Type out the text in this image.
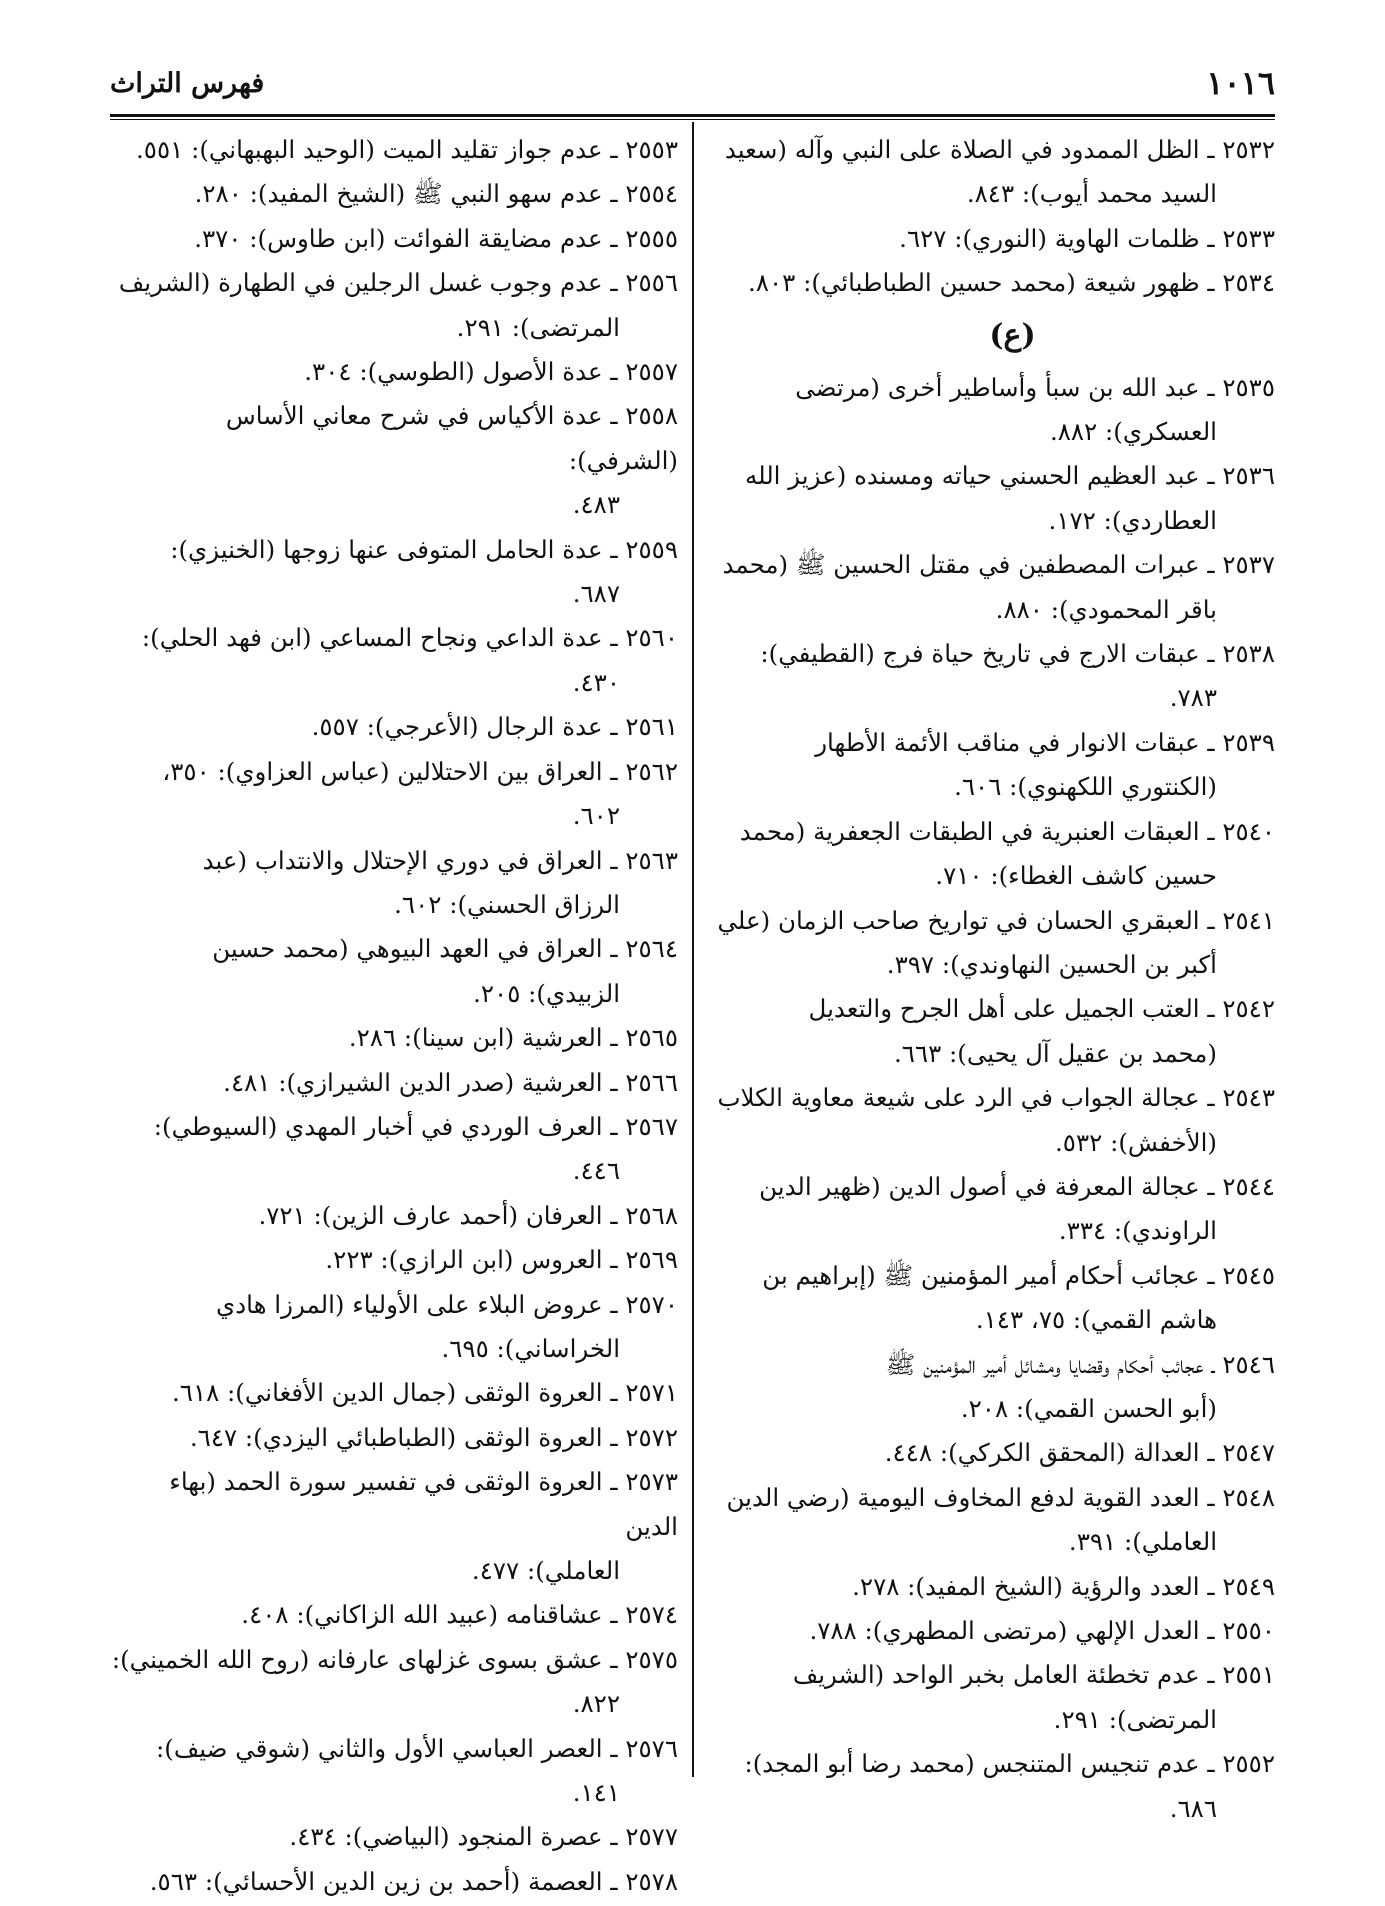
١٠١٦
فهرس التراث
٢٥٣٢ ـ الظل الممدود في الصلاة على النبي وآله (سعيد
السيد محمد أيوب): ٨٤٣.
٢٥٣٣ ـ ظلمات الهاوية (النوري): ٦٢٧.
٢٥٣٤ ـ ظهور شيعة (محمد حسين الطباطبائي): ٨٠٣.
(ع)
٢٥٣٥ ـ عبد الله بن سبأ وأساطير أخرى (مرتضى
العسكري): ٨٨٢.
٢٥٣٦ ـ عبد العظيم الحسني حياته ومسنده (عزيز الله
العطاردي): ١٧٢.
٢٥٣٧ ـ عبرات المصطفين في مقتل الحسين ﷺ (محمد
باقر المحمودي): ٨٨٠.
٢٥٣٨ ـ عبقات الارج في تاريخ حياة فرج (القطيفي):
٧٨٣.
٢٥٣٩ ـ عبقات الانوار في مناقب الأئمة الأطهار
(الكنتوري اللكهنوي): ٦٠٦.
٢٥٤٠ ـ العبقات العنبرية في الطبقات الجعفرية (محمد
حسين كاشف الغطاء): ٧١٠.
٢٥٤١ ـ العبقري الحسان في تواريخ صاحب الزمان (علي
أكبر بن الحسين النهاوندي): ٣٩٧.
٢٥٤٢ ـ العتب الجميل على أهل الجرح والتعديل
(محمد بن عقيل آل يحيى): ٦٦٣.
٢٥٤٣ ـ عجالة الجواب في الرد على شيعة معاوية الكلاب
(الأخفش): ٥٣٢.
٢٥٤٤ ـ عجالة المعرفة في أصول الدين (ظهير الدين
الراوندي): ٣٣٤.
٢٥٤٥ ـ عجائب أحكام أمير المؤمنين ﷺ (إبراهيم بن
هاشم القمي): ٧٥، ١٤٣.
٢٥٤٦ ـ عجائب أحكام وقضايا ومشائل أمير المؤمنين ﷺ
(أبو الحسن القمي): ٢٠٨.
٢٥٤٧ ـ العدالة (المحقق الكركي): ٤٤٨.
٢٥٤٨ ـ العدد القوية لدفع المخاوف اليومية (رضي الدين
العاملي): ٣٩١.
٢٥٤٩ ـ العدد والرؤية (الشيخ المفيد): ٢٧٨.
٢٥٥٠ ـ العدل الإلهي (مرتضى المطهري): ٧٨٨.
٢٥٥١ ـ عدم تخطئة العامل بخبر الواحد (الشريف
المرتضى): ٢٩١.
٢٥٥٢ ـ عدم تنجيس المتنجس (محمد رضا أبو المجد):
٦٨٦.
٢٥٥٣ ـ عدم جواز تقليد الميت (الوحيد البهبهاني): ٥٥١.
٢٥٥٤ ـ عدم سهو النبي ﷺ (الشيخ المفيد): ٢٨٠.
٢٥٥٥ ـ عدم مضايقة الفوائت (ابن طاوس): ٣٧٠.
٢٥٥٦ ـ عدم وجوب غسل الرجلين في الطهارة (الشريف
المرتضى): ٢٩١.
٢٥٥٧ ـ عدة الأصول (الطوسي): ٣٠٤.
٢٥٥٨ ـ عدة الأكياس في شرح معاني الأساس (الشرفي):
٤٨٣.
٢٥٥٩ ـ عدة الحامل المتوفى عنها زوجها (الخنيزي):
٦٨٧.
٢٥٦٠ ـ عدة الداعي ونجاح المساعي (ابن فهد الحلي):
٤٣٠.
٢٥٦١ ـ عدة الرجال (الأعرجي): ٥٥٧.
٢٥٦٢ ـ العراق بين الاحتلالين (عباس العزاوي): ٣٥٠،
٦٠٢.
٢٥٦٣ ـ العراق في دوري الإحتلال والانتداب (عبد
الرزاق الحسني): ٦٠٢.
٢٥٦٤ ـ العراق في العهد البيوهي (محمد حسين
الزبيدي): ٢٠٥.
٢٥٦٥ ـ العرشية (ابن سينا): ٢٨٦.
٢٥٦٦ ـ العرشية (صدر الدين الشيرازي): ٤٨١.
٢٥٦٧ ـ العرف الوردي في أخبار المهدي (السيوطي):
٤٤٦.
٢٥٦٨ ـ العرفان (أحمد عارف الزين): ٧٢١.
٢٥٦٩ ـ العروس (ابن الرازي): ٢٢٣.
٢٥٧٠ ـ عروض البلاء على الأولياء (المرزا هادي
الخراساني): ٦٩٥.
٢٥٧١ ـ العروة الوثقى (جمال الدين الأفغاني): ٦١٨.
٢٥٧٢ ـ العروة الوثقى (الطباطبائي اليزدي): ٦٤٧.
٢٥٧٣ ـ العروة الوثقى في تفسير سورة الحمد (بهاء الدين
العاملي): ٤٧٧.
٢٥٧٤ ـ عشاقنامه (عبيد الله الزاكاني): ٤٠٨.
٢٥٧٥ ـ عشق بسوى غزلهاى عارفانه (روح الله الخميني):
٨٢٢.
٢٥٧٦ ـ العصر العباسي الأول والثاني (شوقي ضيف):
١٤١.
٢٥٧٧ ـ عصرة المنجود (البياضي): ٤٣٤.
٢٥٧٨ ـ العصمة (أحمد بن زين الدين الأحسائي): ٥٦٣.
